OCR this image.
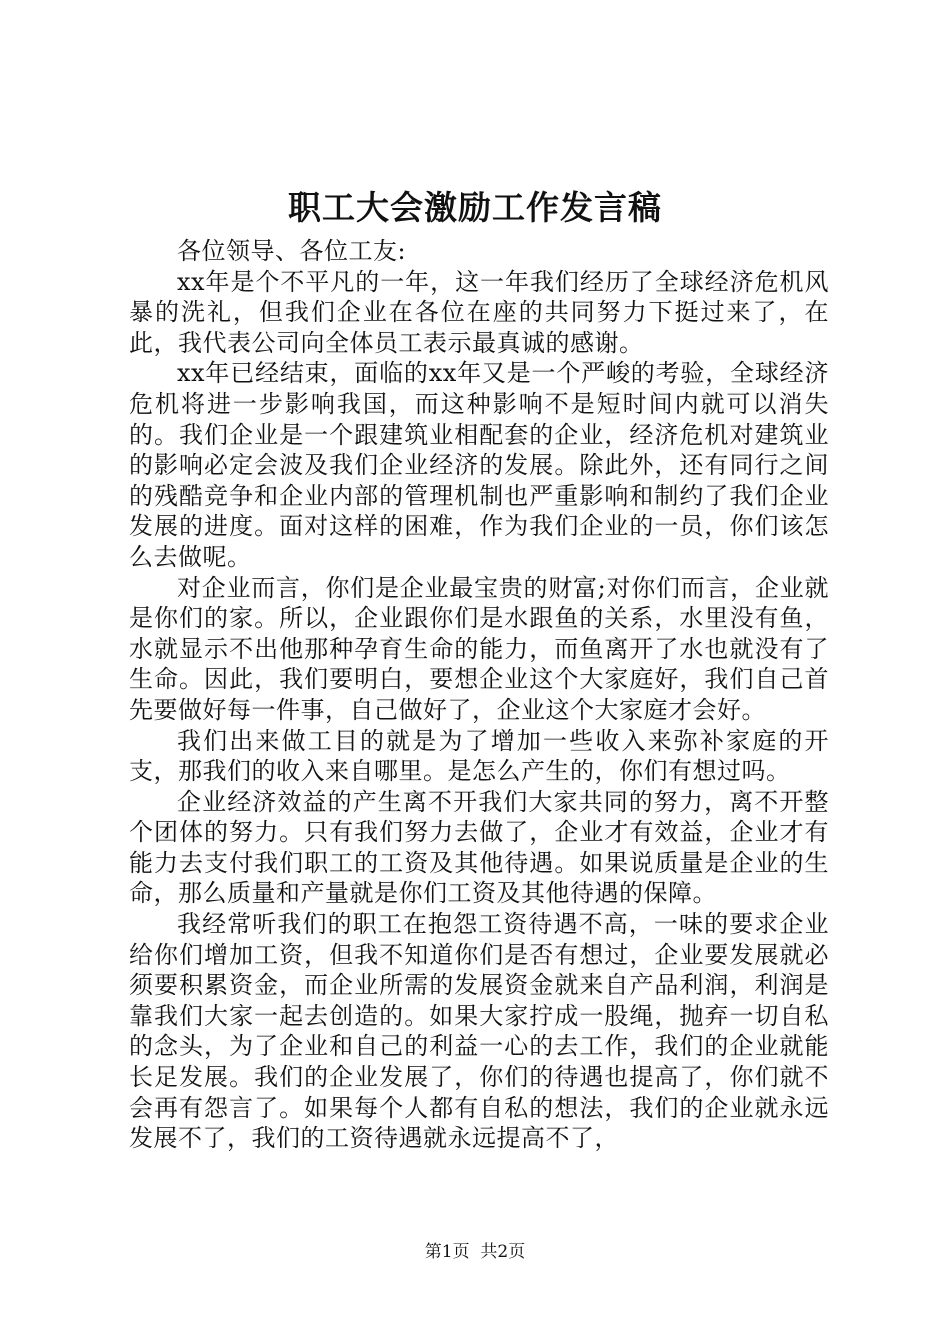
职工大会激励工作发言稿

各位领导、各位工友:

xx年是个不平凡的一年，这一年我们经历了全球经济危机风暴的洗礼，但我们企业在各位在座的共同努力下挺过来了，在此，我代表公司向全体员工表示最真诚的感谢。

xx年已经结束，面临的xx年又是一个严峻的考验，全球经济危机将进一步影响我国，而这种影响不是短时间内就可以消失的。我们企业是一个跟建筑业相配套的企业，经济危机对建筑业的影响必定会波及我们企业经济的发展。除此外，还有同行之间的残酷竞争和企业内部的管理机制也严重影响和制约了我们企业发展的进度。面对这样的困难，作为我们企业的一员，你们该怎么去做呢。

对企业而言，你们是企业最宝贵的财富;对你们而言，企业就是你们的家。所以，企业跟你们是水跟鱼的关系，水里没有鱼，水就显示不出他那种孕育生命的能力，而鱼离开了水也就没有了生命。因此，我们要明白，要想企业这个大家庭好，我们自己首先要做好每一件事，自己做好了，企业这个大家庭才会好。

我们出来做工目的就是为了增加一些收入来弥补家庭的开支，那我们的收入来自哪里。是怎么产生的，你们有想过吗。

企业经济效益的产生离不开我们大家共同的努力，离不开整个团体的努力。只有我们努力去做了，企业才有效益，企业才有能力去支付我们职工的工资及其他待遇。如果说质量是企业的生命，那么质量和产量就是你们工资及其他待遇的保障。

我经常听我们的职工在抱怨工资待遇不高，一味的要求企业给你们增加工资，但我不知道你们是否有想过，企业要发展就必须要积累资金，而企业所需的发展资金就来自产品利润，利润是靠我们大家一起去创造的。如果大家拧成一股绳，抛弃一切自私的念头，为了企业和自己的利益一心的去工作，我们的企业就能长足发展。我们的企业发展了，你们的待遇也提高了，你们就不会再有怨言了。如果每个人都有自私的想法，我们的企业就永远发展不了，我们的工资待遇就永远提高不了，

第1页 共2页
